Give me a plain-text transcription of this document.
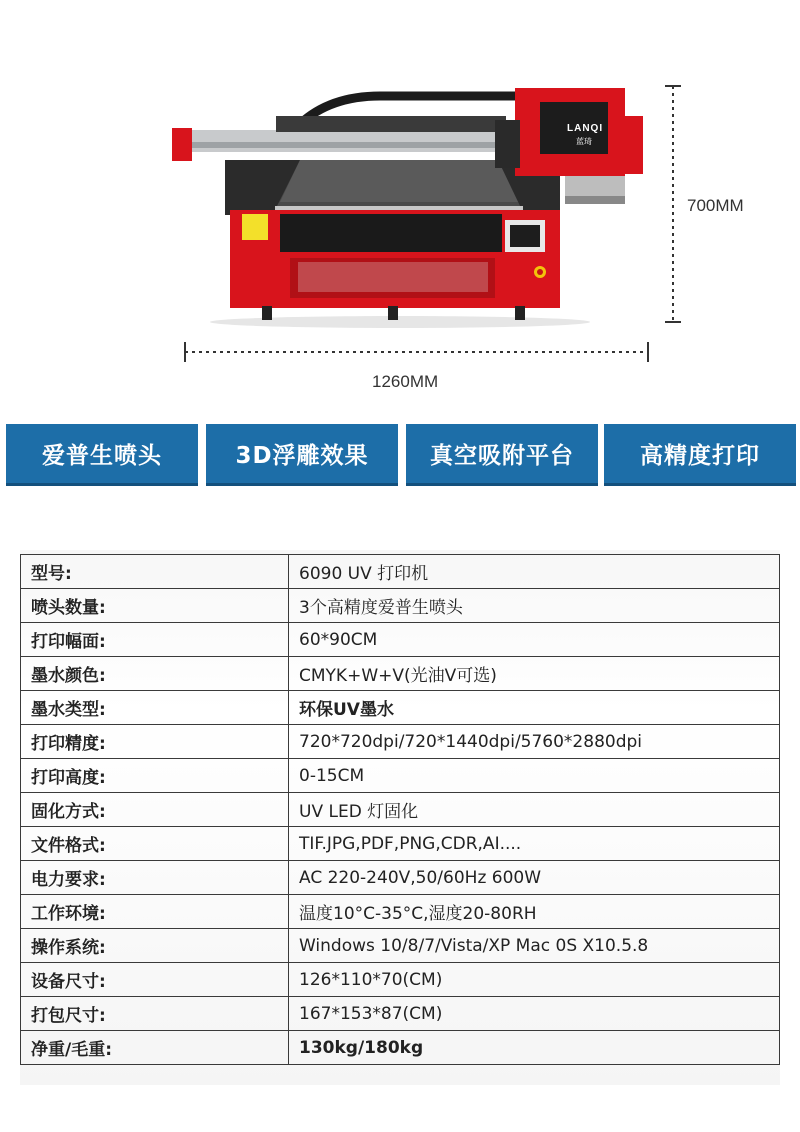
LANQI
蓝琦
1260MM
700MM
爱普生喷头	3D浮雕效果	真空吸附平台	高精度打印
型号:	6090 UV 打印机
喷头数量:	3个高精度爱普生喷头
打印幅面:	60*90CM
墨水颜色:	CMYK+W+V(光油V可选)
墨水类型:	环保UV墨水
打印精度:	720*720dpi/720*1440dpi/5760*2880dpi
打印高度:	0-15CM
固化方式:	UV LED 灯固化
文件格式:	TIF.JPG,PDF,PNG,CDR,AI....
电力要求:	AC 220-240V,50/60Hz 600W
工作环境:	温度10°C-35°C,湿度20-80RH
操作系统:	Windows 10/8/7/Vista/XP Mac 0S X10.5.8
设备尺寸:	126*110*70(CM)
打包尺寸:	167*153*87(CM)
净重/毛重:	130kg/180kg
